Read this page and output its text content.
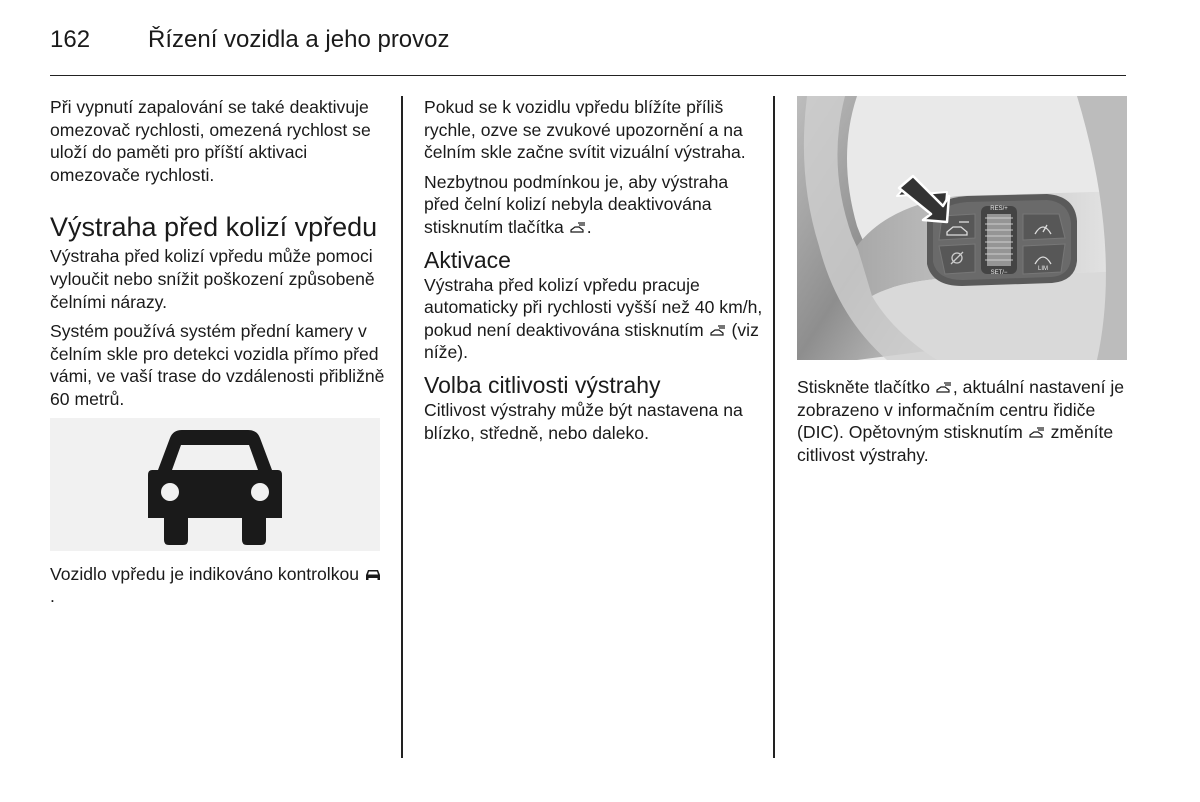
162 Řízení vozidla a jeho provoz

Při vypnutí zapalování se také deaktivuje omezovač rychlosti, omezená rychlost se uloží do paměti pro příští aktivaci omezovače rychlosti.

Výstraha před kolizí vpředu

Výstraha před kolizí vpředu může pomoci vyloučit nebo snížit poškození způsobeně čelními nárazy.

Systém používá systém přední kamery v čelním skle pro detekci vozidla přímo před vámi, ve vaší trase do vzdálenosti přibližně 60 metrů.

Vozidlo vpředu je indikováno kontrolkou .

Pokud se k vozidlu vpředu blížíte příliš rychle, ozve se zvukové upozornění a na čelním skle začne svítit vizuální výstraha.

Nezbytnou podmínkou je, aby výstraha před čelní kolizí nebyla deaktivována stisknutím tlačítka .

Aktivace

Výstraha před kolizí vpředu pracuje automaticky při rychlosti vyšší než 40 km/h, pokud není deaktivována stisknutím (viz níže).

Volba citlivosti výstrahy

Citlivost výstrahy může být nastavena na blízko, středně, nebo daleko.

RES/+
SET/−
LIM

Stiskněte tlačítko , aktuální nastavení je zobrazeno v informačním centru řidiče (DIC). Opětovným stisknutím změníte citlivost výstrahy.
